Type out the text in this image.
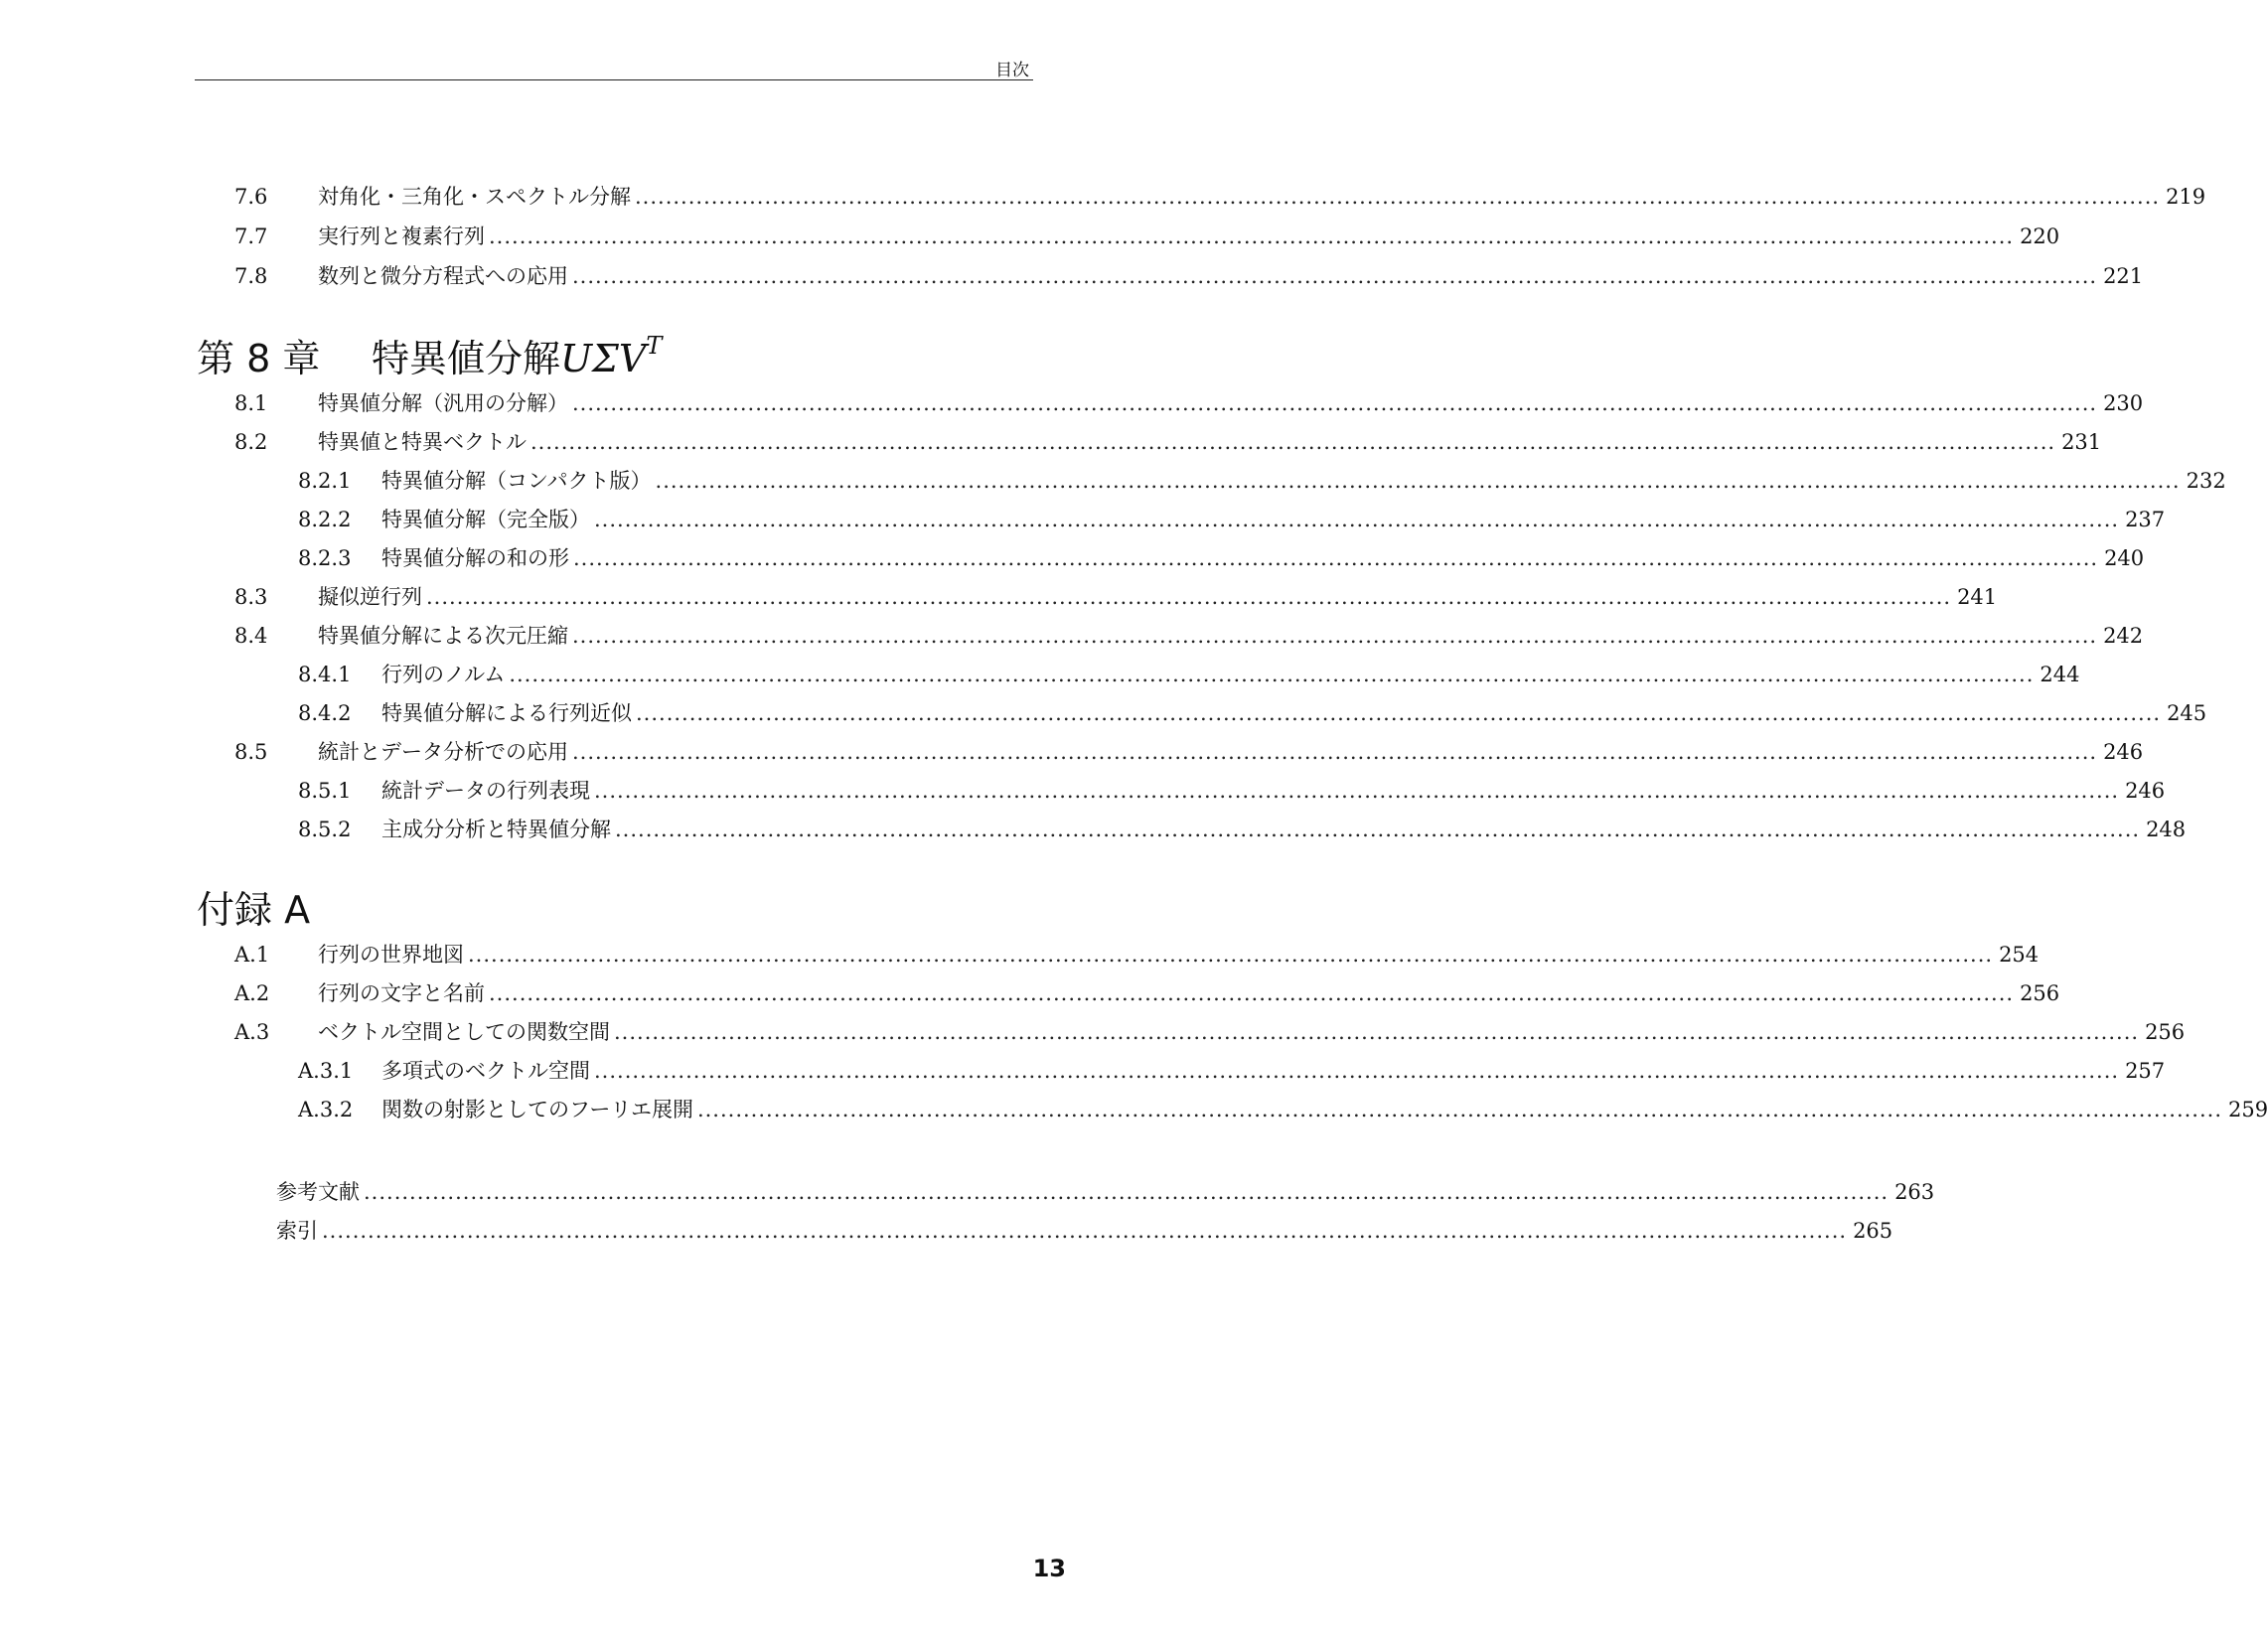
目次
7.6 対角化・三角化・スペクトル分解 ........................................................................................................................................................................................................ 219
7.7 実行列と複素行列 ........................................................................................................................................................................................................ 220
7.8 数列と微分方程式への応用 ........................................................................................................................................................................................................ 221
第 8 章 特異値分解$U\Sigma V^T$
8.1 特異値分解（汎用の分解） ........................................................................................................................................................................................................ 230
8.2 特異値と特異ベクトル ........................................................................................................................................................................................................ 231
8.2.1 特異値分解（コンパクト版） ........................................................................................................................................................................................................ 232
8.2.2 特異値分解（完全版） ........................................................................................................................................................................................................ 237
8.2.3 特異値分解の和の形 ........................................................................................................................................................................................................ 240
8.3 擬似逆行列 ........................................................................................................................................................................................................ 241
8.4 特異値分解による次元圧縮 ........................................................................................................................................................................................................ 242
8.4.1 行列のノルム ........................................................................................................................................................................................................ 244
8.4.2 特異値分解による行列近似 ........................................................................................................................................................................................................ 245
8.5 統計とデータ分析での応用 ........................................................................................................................................................................................................ 246
8.5.1 統計データの行列表現 ........................................................................................................................................................................................................ 246
8.5.2 主成分分析と特異値分解 ........................................................................................................................................................................................................ 248
付録 A
A.1 行列の世界地図 ........................................................................................................................................................................................................ 254
A.2 行列の文字と名前 ........................................................................................................................................................................................................ 256
A.3 ベクトル空間としての関数空間 ........................................................................................................................................................................................................ 256
A.3.1 多項式のベクトル空間 ........................................................................................................................................................................................................ 257
A.3.2 関数の射影としてのフーリエ展開 ........................................................................................................................................................................................................ 259
参考文献 ........................................................................................................................................................................................................ 263
索引 ........................................................................................................................................................................................................ 265
13
